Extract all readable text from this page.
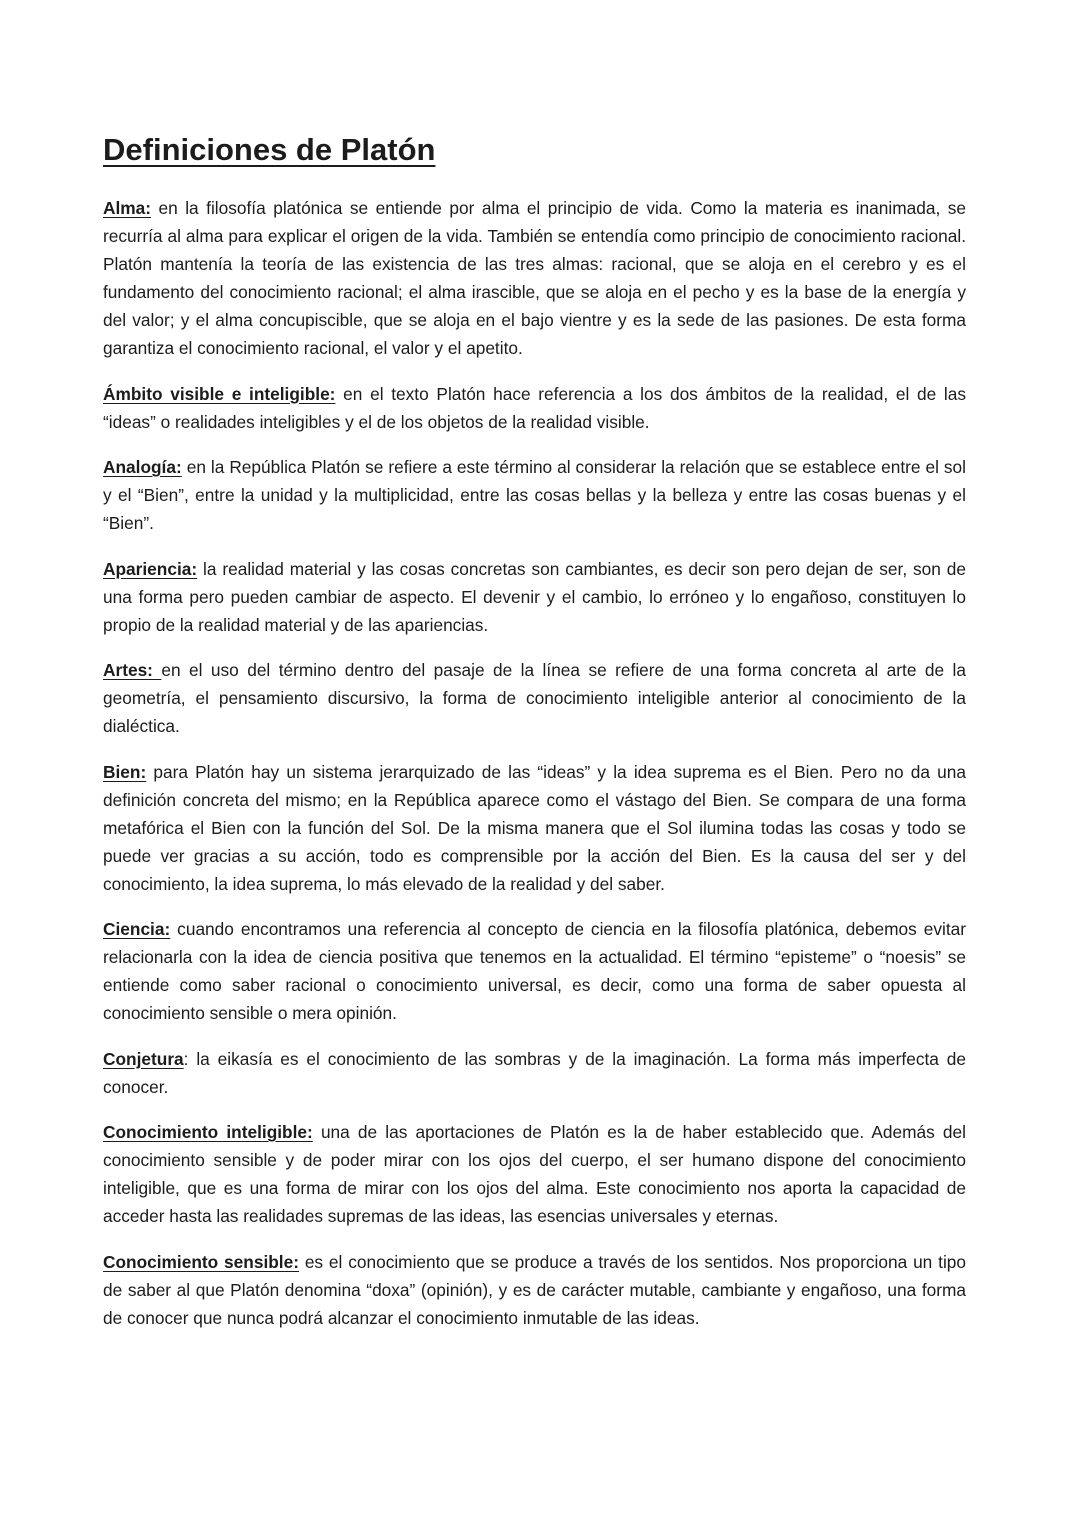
Definiciones de Platón

Alma: en la filosofía platónica se entiende por alma el principio de vida. Como la materia es inanimada, se recurría al alma para explicar el origen de la vida. También se entendía como principio de conocimiento racional. Platón mantenía la teoría de las existencia de las tres almas: racional, que se aloja en el cerebro y es el fundamento del conocimiento racional; el alma irascible, que se aloja en el pecho y es la base de la energía y del valor; y el alma concupiscible, que se aloja en el bajo vientre y es la sede de las pasiones. De esta forma garantiza el conocimiento racional, el valor y el apetito.

Ámbito visible e inteligible: en el texto Platón hace referencia a los dos ámbitos de la realidad, el de las “ideas” o realidades inteligibles y el de los objetos de la realidad visible.

Analogía: en la República Platón se refiere a este término al considerar la relación que se establece entre el sol y el “Bien”, entre la unidad y la multiplicidad, entre las cosas bellas y la belleza y entre las cosas buenas y el “Bien”.

Apariencia: la realidad material y las cosas concretas son cambiantes, es decir son pero dejan de ser, son de una forma pero pueden cambiar de aspecto. El devenir y el cambio, lo erróneo y lo engañoso, constituyen lo propio de la realidad material y de las apariencias.

Artes: en el uso del término dentro del pasaje de la línea se refiere de una forma concreta al arte de la geometría, el pensamiento discursivo, la forma de conocimiento inteligible anterior al conocimiento de la dialéctica.

Bien: para Platón hay un sistema jerarquizado de las “ideas” y la idea suprema es el Bien. Pero no da una definición concreta del mismo; en la República aparece como el vástago del Bien. Se compara de una forma metafórica el Bien con la función del Sol. De la misma manera que el Sol ilumina todas las cosas y todo se puede ver gracias a su acción, todo es comprensible por la acción del Bien. Es la causa del ser y del conocimiento, la idea suprema, lo más elevado de la realidad y del saber.

Ciencia: cuando encontramos una referencia al concepto de ciencia en la filosofía platónica, debemos evitar relacionarla con la idea de ciencia positiva que tenemos en la actualidad. El término “episteme” o “noesis” se entiende como saber racional o conocimiento universal, es decir, como una forma de saber opuesta al conocimiento sensible o mera opinión.

Conjetura: la eikasía es el conocimiento de las sombras y de la imaginación. La forma más imperfecta de conocer.

Conocimiento inteligible: una de las aportaciones de Platón es la de haber establecido que. Además del conocimiento sensible y de poder mirar con los ojos del cuerpo, el ser humano dispone del conocimiento inteligible, que es una forma de mirar con los ojos del alma. Este conocimiento nos aporta la capacidad de acceder hasta las realidades supremas de las ideas, las esencias universales y eternas.

Conocimiento sensible: es el conocimiento que se produce a través de los sentidos. Nos proporciona un tipo de saber al que Platón denomina “doxa” (opinión), y es de carácter mutable, cambiante y engañoso, una forma de conocer que nunca podrá alcanzar el conocimiento inmutable de las ideas.
